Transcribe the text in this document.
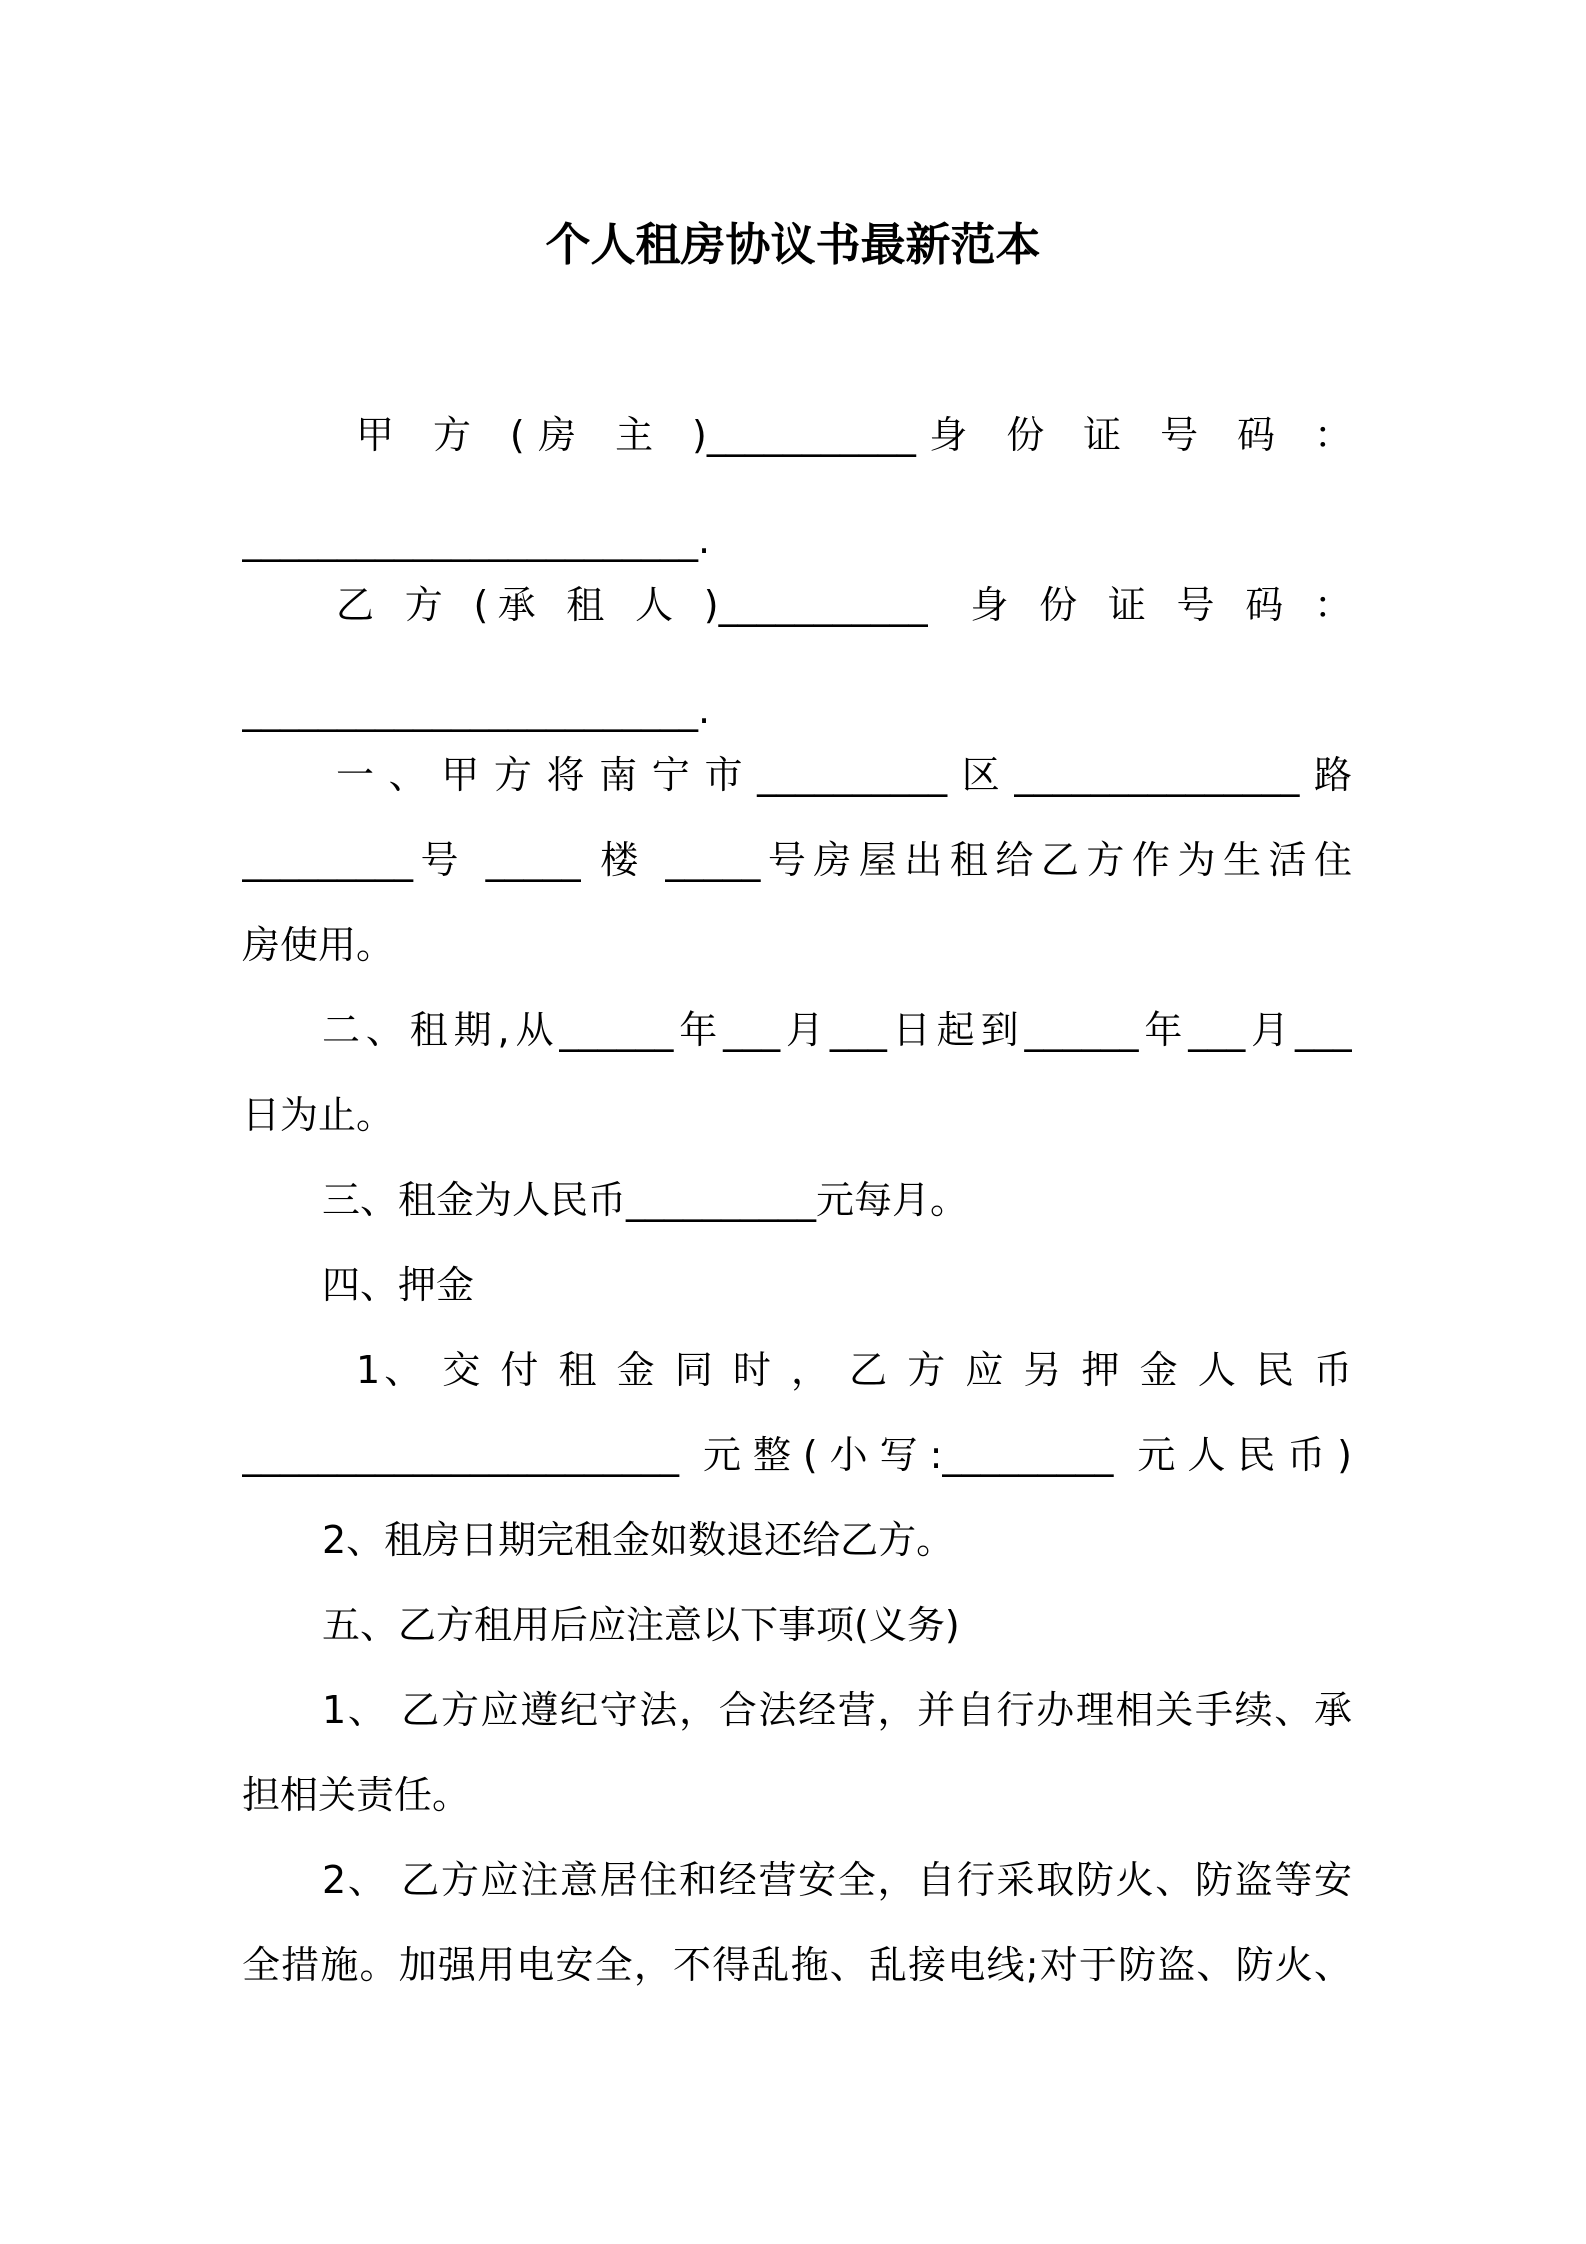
个人租房协议书最新范本
甲 方 (房 主 )___________身 份 证 号 码 ：
________________________.
乙 方 (承 租 人 )___________  身 份 证 号 码 ：
________________________.
一、甲方将南宁市__________区_______________路
_________号 _____ 楼 _____号房屋出租给乙方作为生活住
房使用。
二、租期,从______年___月___日起到______年___月___
日为止。
三、租金为人民币__________元每月。
四、押金
1、 交 付 租 金 同 时 ， 乙 方 应 另 押 金 人 民 币
_______________________ 元整(小写:_________ 元人民币)
2、租房日期完租金如数退还给乙方。
五、乙方租用后应注意以下事项(义务)
1、 乙方应遵纪守法，合法经营，并自行办理相关手续、承
担相关责任。
2、 乙方应注意居住和经营安全，自行采取防火、防盗等安
全措施。加强用电安全，不得乱拖、乱接电线;对于防盗、防火、
